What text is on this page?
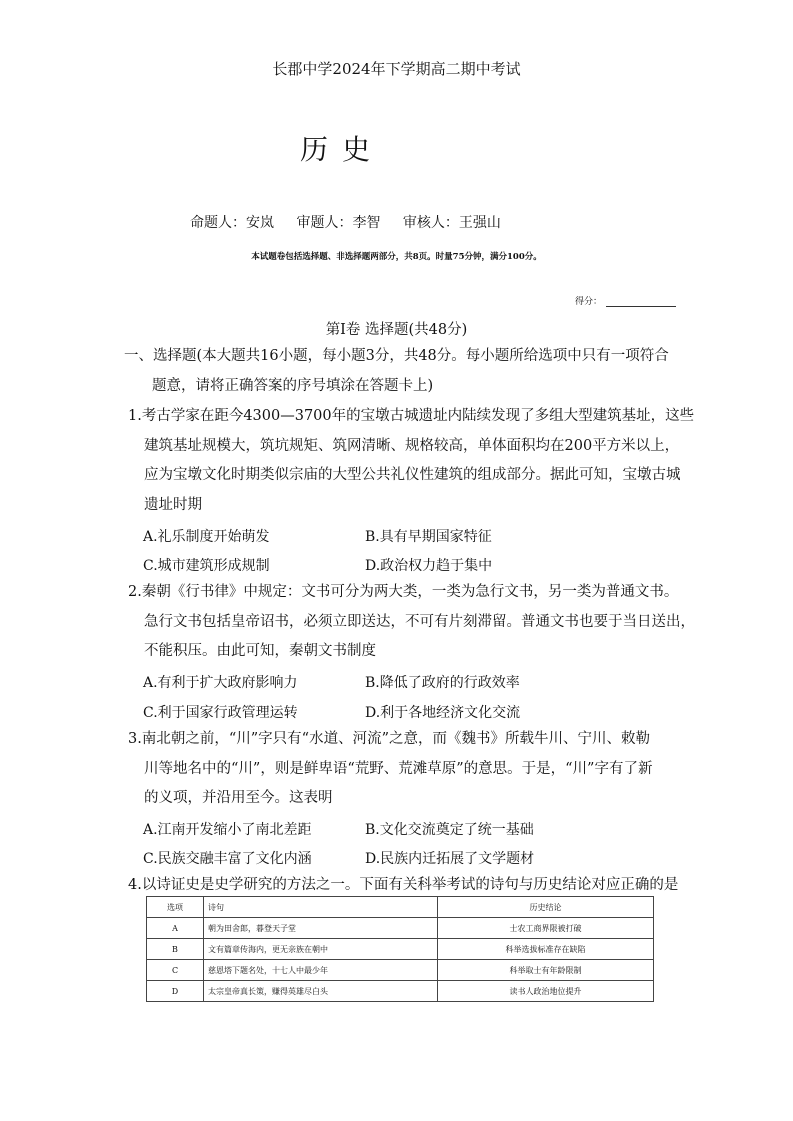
长郡中学2024年下学期高二期中考试
历史
命题人：安岚 审题人：李智 审核人：王强山
本试题卷包括选择题、非选择题两部分，共8页。时量75分钟，满分100分。
得分：
第Ⅰ卷 选择题(共48分)
一、选择题(本大题共16小题，每小题3分，共48分。每小题所给选项中只有一项符合
题意，请将正确答案的序号填涂在答题卡上)
1.考古学家在距今4300—3700年的宝墩古城遗址内陆续发现了多组大型建筑基址，这些
建筑基址规模大，筑坑规矩、筑网清晰、规格较高，单体面积均在200平方米以上，
应为宝墩文化时期类似宗庙的大型公共礼仪性建筑的组成部分。据此可知，宝墩古城
遗址时期
A.礼乐制度开始萌发	B.具有早期国家特征
C.城市建筑形成规制	D.政治权力趋于集中
2.秦朝《行书律》中规定：文书可分为两大类，一类为急行文书，另一类为普通文书。
急行文书包括皇帝诏书，必须立即送达，不可有片刻滞留。普通文书也要于当日送出，
不能积压。由此可知，秦朝文书制度
A.有利于扩大政府影响力	B.降低了政府的行政效率
C.利于国家行政管理运转	D.利于各地经济文化交流
3.南北朝之前，“川”字只有“水道、河流”之意，而《魏书》所载牛川、宁川、敕勒
川等地名中的“川”，则是鲜卑语“荒野、荒滩草原”的意思。于是，“川”字有了新
的义项，并沿用至今。这表明
A.江南开发缩小了南北差距	B.文化交流奠定了统一基础
C.民族交融丰富了文化内涵	D.民族内迁拓展了文学题材
4.以诗证史是史学研究的方法之一。下面有关科举考试的诗句与历史结论对应正确的是
选项	诗句	历史结论
A	朝为田舍郎，暮登天子堂	士农工商界限被打破
B	文有篇章传海内，更无亲族在朝中	科举选拔标准存在缺陷
C	慈恩塔下题名处，十七人中最少年	科举取士有年龄限制
D	太宗皇帝真长策，赚得英雄尽白头	读书人政治地位提升
